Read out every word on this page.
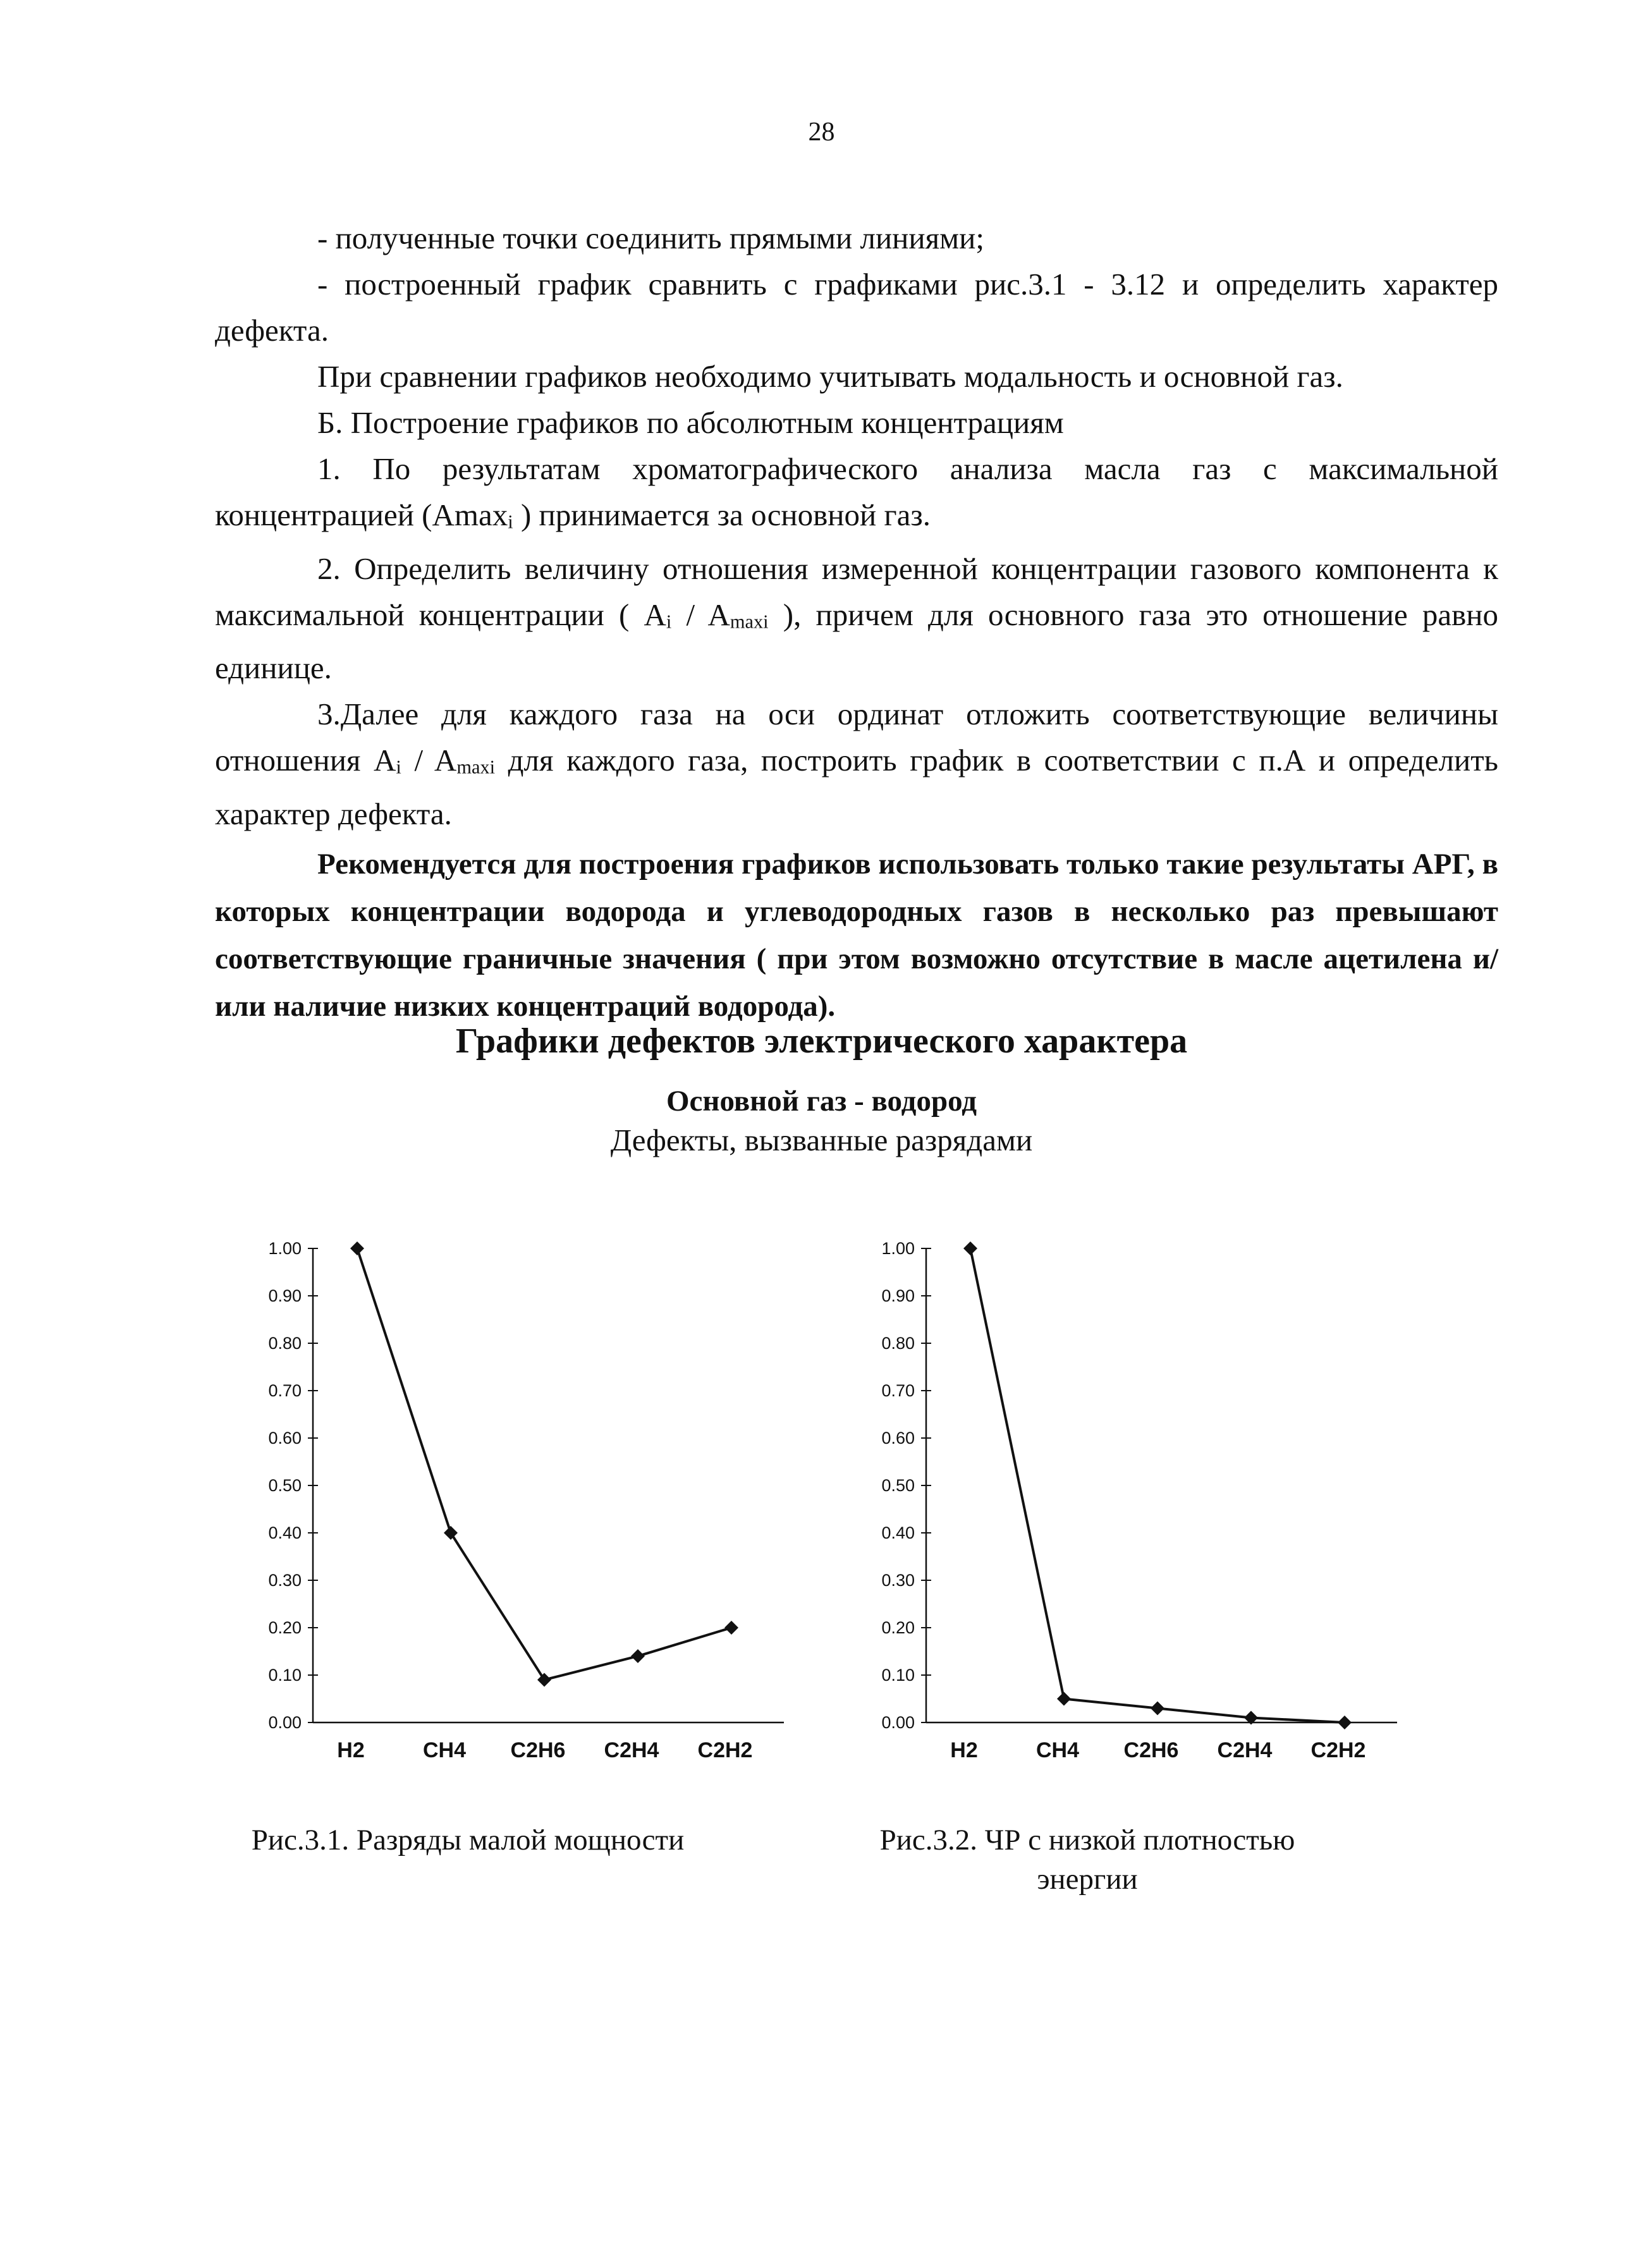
28

- полученные точки соединить прямыми линиями;

- построенный график сравнить с графиками рис.3.1 - 3.12 и определить характер дефекта.

При сравнении графиков необходимо учитывать модальность и основной газ.

Б. Построение графиков по абсолютным концентрациям

1. По результатам хроматографического анализа масла газ с максимальной концентрацией (Amax$_i$ ) принимается за основной газ.

2. Определить величину отношения измеренной концентрации газового компонента к максимальной концентрации ( $A_i / A_{maxi}$ ), причем для основного газа это отношение равно единице.

3.Далее для каждого газа на оси ординат отложить соответствующие величины отношения $A_i / A_{maxi}$ для каждого газа, построить график в соответствии с п.А и определить характер дефекта.

Рекомендуется для построения графиков использовать только такие результаты АРГ, в которых концентрации водорода и углеводородных газов в несколько раз превышают соответствующие граничные значения ( при этом возможно отсутствие в масле ацетилена и/или наличие низких концентраций водорода).

Графики дефектов электрического характера
Основной газ - водород
Дефекты, вызванные разрядами
0.00
0.10
0.20
0.30
0.40
0.50
0.60
0.70
0.80
0.90
1.00
H2	CH4 C2H6 C2H4 C2H2
0.00
0.10
0.20
0.30
0.40
0.50
0.60
0.70
0.80
0.90
1.00
H2	CH4 C2H6 C2H4 C2H2
Рис.3.1. Разряды малой мощности	Рис.3.2. ЧР с низкой плотностью энергии
